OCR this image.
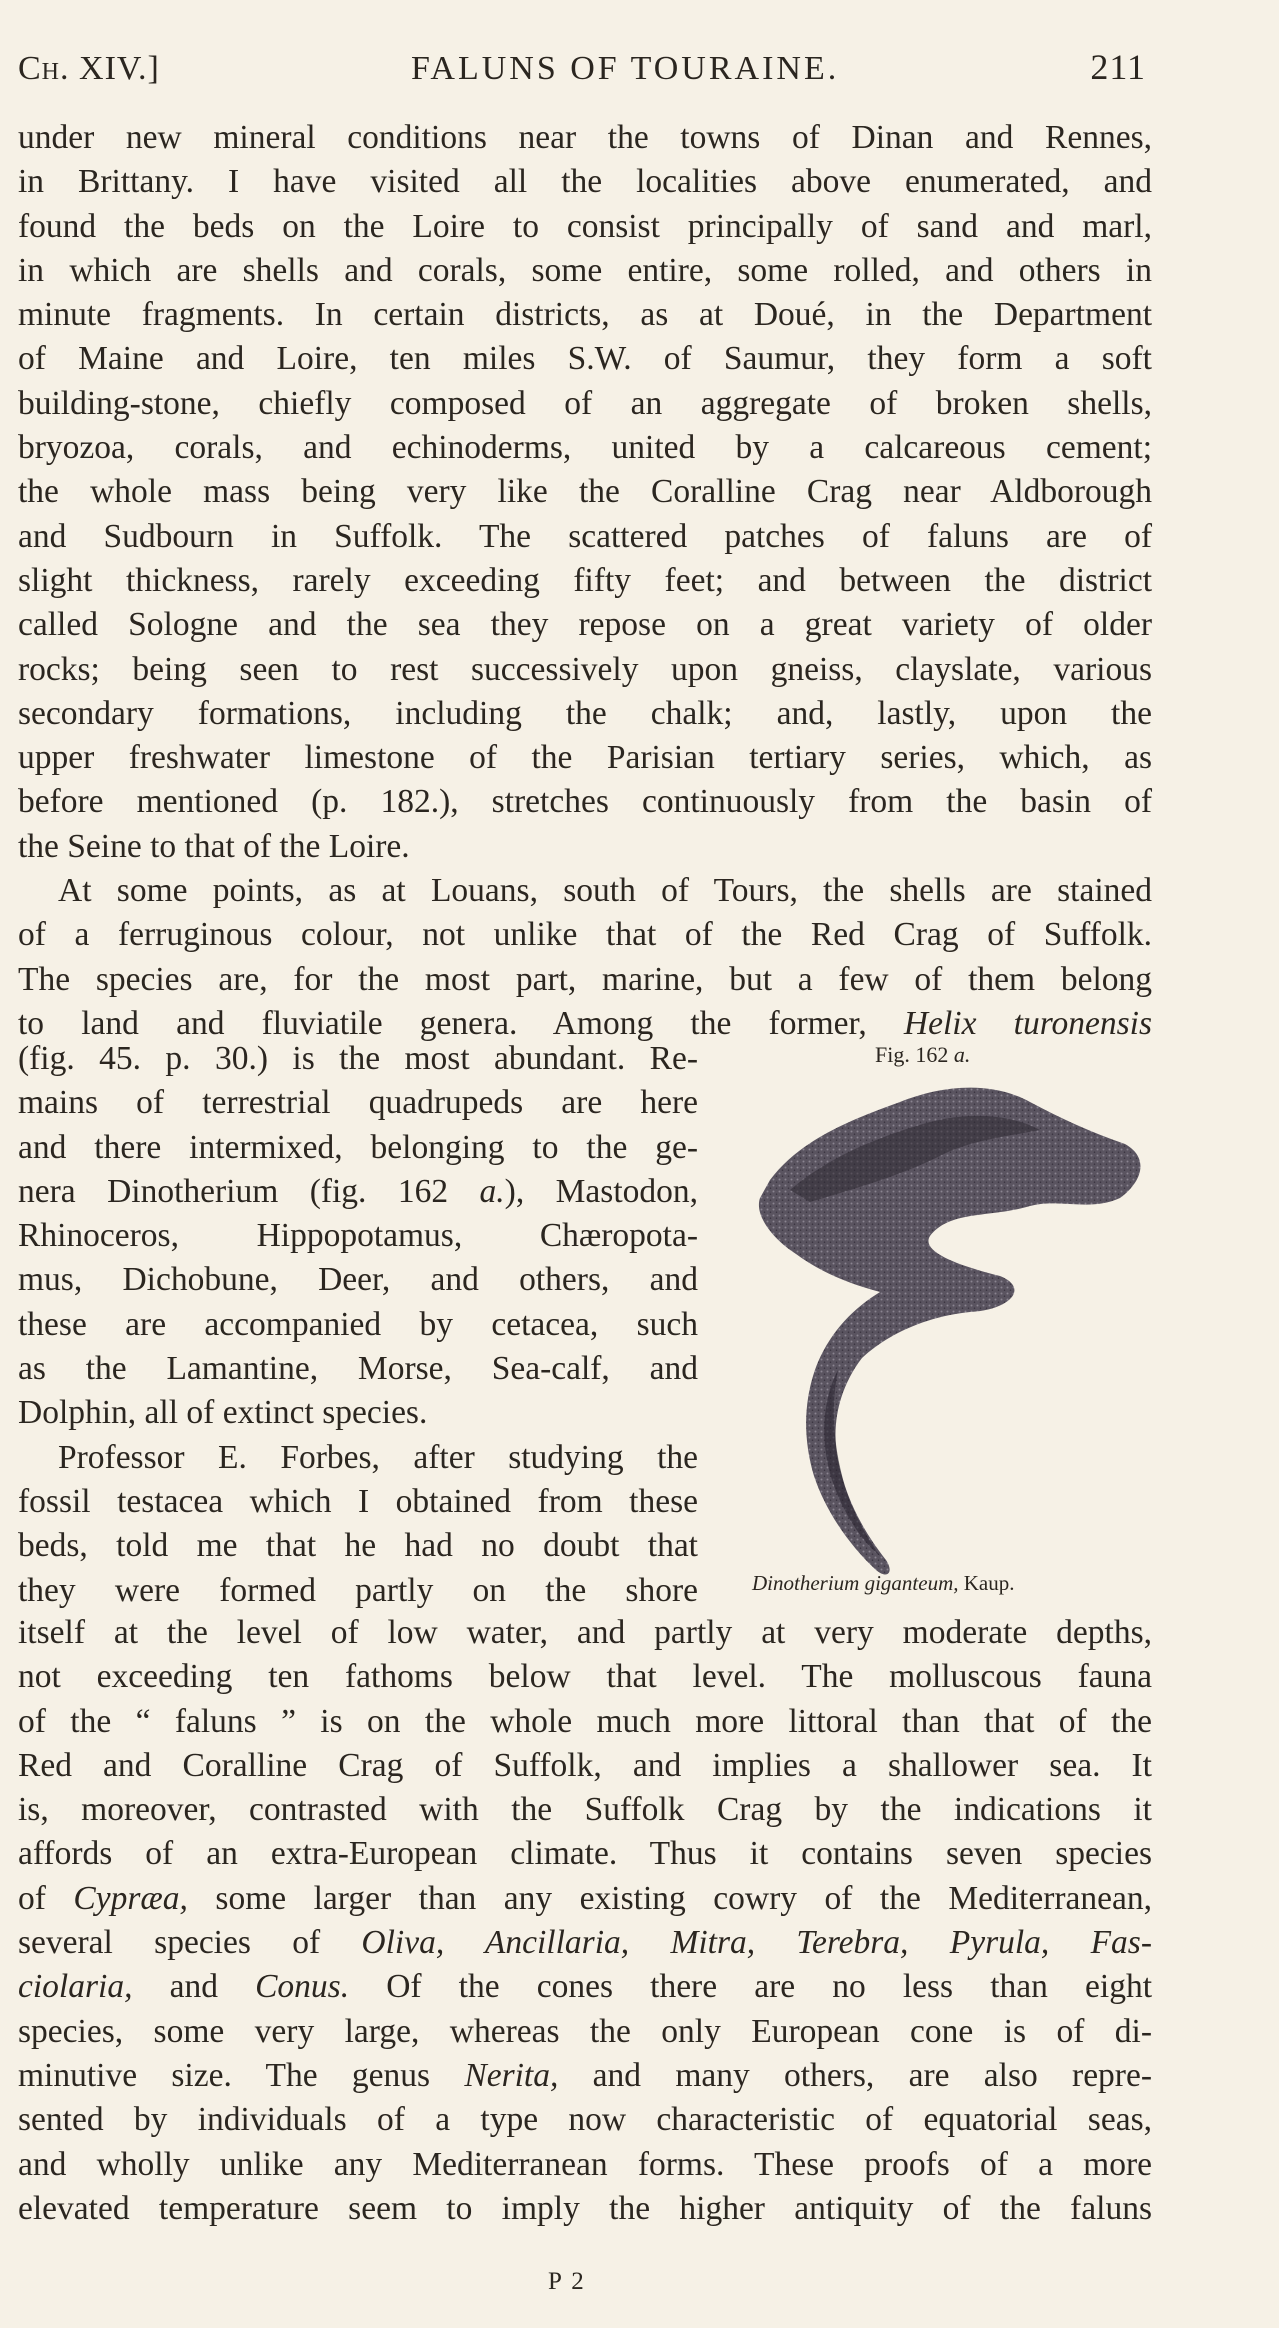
Ch. XIV.]	FALUNS OF TOURAINE.	211
under new mineral conditions near the towns of Dinan and Rennes,
in Brittany. I have visited all the localities above enumerated, and
found the beds on the Loire to consist principally of sand and marl,
in which are shells and corals, some entire, some rolled, and others in
minute fragments. In certain districts, as at Doué, in the Department
of Maine and Loire, ten miles S.W. of Saumur, they form a soft
building-stone, chiefly composed of an aggregate of broken shells,
bryozoa, corals, and echinoderms, united by a calcareous cement;
the whole mass being very like the Coralline Crag near Aldborough
and Sudbourn in Suffolk. The scattered patches of faluns are of
slight thickness, rarely exceeding fifty feet; and between the district
called Sologne and the sea they repose on a great variety of older
rocks; being seen to rest successively upon gneiss, clayslate, various
secondary formations, including the chalk; and, lastly, upon the
upper freshwater limestone of the Parisian tertiary series, which, as
before mentioned (p. 182.), stretches continuously from the basin of
the Seine to that of the Loire.
At some points, as at Louans, south of Tours, the shells are stained
of a ferruginous colour, not unlike that of the Red Crag of Suffolk.
The species are, for the most part, marine, but a few of them belong
to land and fluviatile genera. Among the former, Helix turonensis
(fig. 45. p. 30.) is the most abundant. Re-
mains of terrestrial quadrupeds are here
and there intermixed, belonging to the ge-
nera Dinotherium (fig. 162 a.), Mastodon,
Rhinoceros, Hippopotamus, Chæropota-
mus, Dichobune, Deer, and others, and
these are accompanied by cetacea, such
as the Lamantine, Morse, Sea-calf, and
Dolphin, all of extinct species.
Professor E. Forbes, after studying the
fossil testacea which I obtained from these
beds, told me that he had no doubt that
they were formed partly on the shore
Fig. 162 a.
Dinotherium giganteum, Kaup.
itself at the level of low water, and partly at very moderate depths,
not exceeding ten fathoms below that level. The molluscous fauna
of the “ faluns ” is on the whole much more littoral than that of the
Red and Coralline Crag of Suffolk, and implies a shallower sea. It
is, moreover, contrasted with the Suffolk Crag by the indications it
affords of an extra-European climate. Thus it contains seven species
of Cypræa, some larger than any existing cowry of the Mediterranean,
several species of Oliva, Ancillaria, Mitra, Terebra, Pyrula, Fas-
ciolaria, and Conus. Of the cones there are no less than eight
species, some very large, whereas the only European cone is of di-
minutive size. The genus Nerita, and many others, are also repre-
sented by individuals of a type now characteristic of equatorial seas,
and wholly unlike any Mediterranean forms. These proofs of a more
elevated temperature seem to imply the higher antiquity of the faluns
P 2
